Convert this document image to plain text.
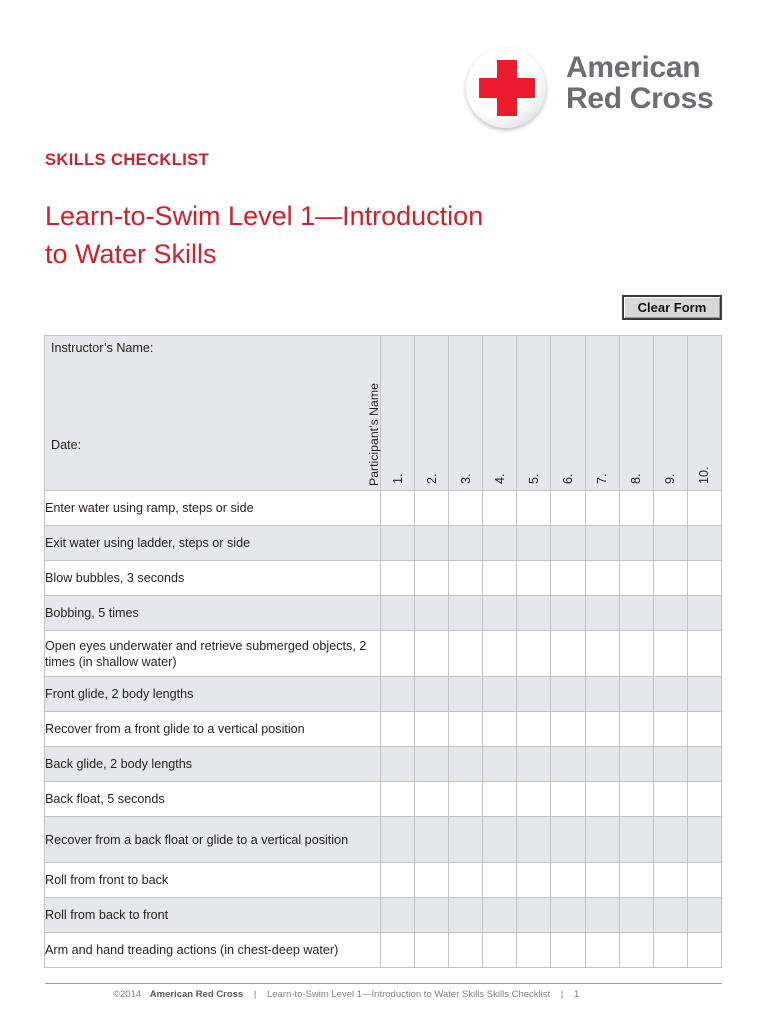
American
Red Cross
SKILLS CHECKLIST
Learn-to-Swim Level 1—Introduction
to Water Skills
Clear Form
Instructor’s Name:
Date: Participant’s Name	1.	2.	3.	4.	5.	6.	7.	8.	9.	10.

Enter water using ramp, steps or side										
Exit water using ladder, steps or side										
Blow bubbles, 3 seconds										
Bobbing, 5 times										
Open eyes underwater and retrieve submerged objects, 2 times (in shallow water)										
Front glide, 2 body lengths										
Recover from a front glide to a vertical position										
Back glide, 2 body lengths										
Back float, 5 seconds										
Recover from a back float or glide to a vertical position										
Roll from front to back										
Roll from back to front										
Arm and hand treading actions (in chest-deep water)										
©2014 American Red Cross | Learn-to-Swim Level 1—Introduction to Water Skills Skills Checklist | 1
